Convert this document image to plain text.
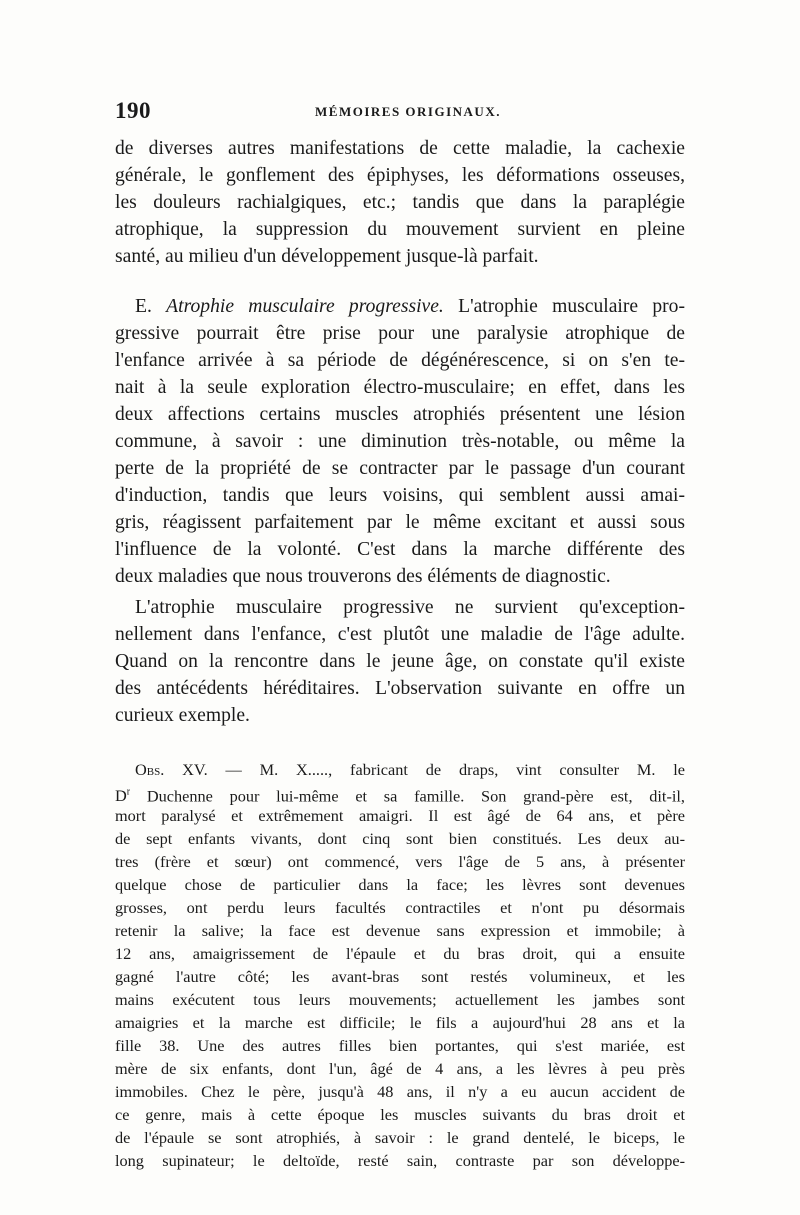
190	MÉMOIRES ORIGINAUX.
de diverses autres manifestations de cette maladie, la cachexie
générale, le gonflement des épiphyses, les déformations osseuses,
les douleurs rachialgiques, etc.; tandis que dans la paraplégie
atrophique, la suppression du mouvement survient en pleine
santé, au milieu d'un développement jusque-là parfait.
E. Atrophie musculaire progressive. L'atrophie musculaire pro-
gressive pourrait être prise pour une paralysie atrophique de
l'enfance arrivée à sa période de dégénérescence, si on s'en te-
nait à la seule exploration électro-musculaire; en effet, dans les
deux affections certains muscles atrophiés présentent une lésion
commune, à savoir : une diminution très-notable, ou même la
perte de la propriété de se contracter par le passage d'un courant
d'induction, tandis que leurs voisins, qui semblent aussi amai-
gris, réagissent parfaitement par le même excitant et aussi sous
l'influence de la volonté. C'est dans la marche différente des
deux maladies que nous trouverons des éléments de diagnostic.
L'atrophie musculaire progressive ne survient qu'exception-
nellement dans l'enfance, c'est plutôt une maladie de l'âge adulte.
Quand on la rencontre dans le jeune âge, on constate qu'il existe
des antécédents héréditaires. L'observation suivante en offre un
curieux exemple.
Obs. XV. — M. X....., fabricant de draps, vint consulter M. le
$D^r$ Duchenne pour lui-même et sa famille. Son grand-père est, dit-il,
mort paralysé et extrêmement amaigri. Il est âgé de 64 ans, et père
de sept enfants vivants, dont cinq sont bien constitués. Les deux au-
tres (frère et sœur) ont commencé, vers l'âge de 5 ans, à présenter
quelque chose de particulier dans la face; les lèvres sont devenues
grosses, ont perdu leurs facultés contractiles et n'ont pu désormais
retenir la salive; la face est devenue sans expression et immobile; à
12 ans, amaigrissement de l'épaule et du bras droit, qui a ensuite
gagné l'autre côté; les avant-bras sont restés volumineux, et les
mains exécutent tous leurs mouvements; actuellement les jambes sont
amaigries et la marche est difficile; le fils a aujourd'hui 28 ans et la
fille 38. Une des autres filles bien portantes, qui s'est mariée, est
mère de six enfants, dont l'un, âgé de 4 ans, a les lèvres à peu près
immobiles. Chez le père, jusqu'à 48 ans, il n'y a eu aucun accident de
ce genre, mais à cette époque les muscles suivants du bras droit et
de l'épaule se sont atrophiés, à savoir : le grand dentelé, le biceps, le
long supinateur; le deltoïde, resté sain, contraste par son développe-
